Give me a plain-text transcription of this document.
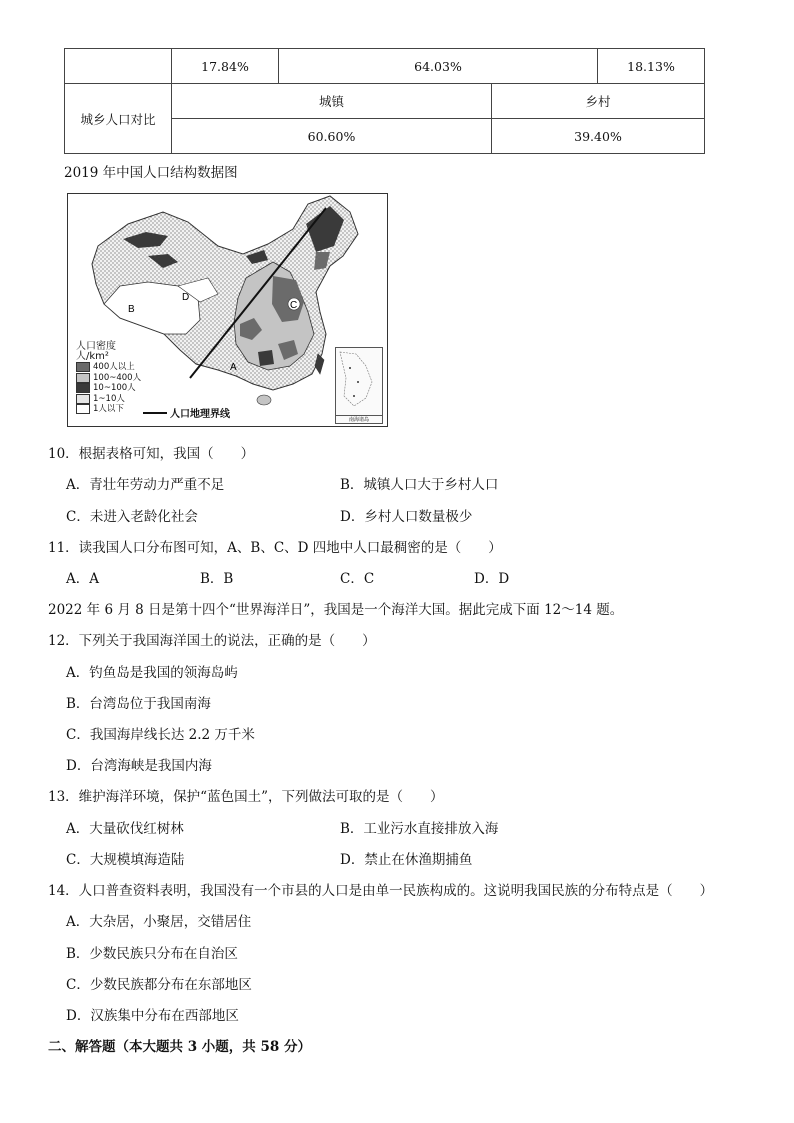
	17.84%	64.03%		18.13%
城乡人口对比	城镇		乡村	
	60.60%		39.40%	
2019 年中国人口结构数据图
D
B	C
A
人口密度
人/km²
400人以上
100~400人
10~100人
1~10人
1人以下	人口地理界线	南海诸岛
10．根据表格可知，我国（　　）
A．青壮年劳动力严重不足	B．城镇人口大于乡村人口
C．未进入老龄化社会	D．乡村人口数量极少
11．读我国人口分布图可知，A、B、C、D 四地中人口最稠密的是（　　）
A．A	B．B	C．C	D．D
2022 年 6 月 8 日是第十四个“世界海洋日”，我国是一个海洋大国。据此完成下面 12～14 题。
12．下列关于我国海洋国土的说法，正确的是（　　）
A．钓鱼岛是我国的领海岛屿
B．台湾岛位于我国南海
C．我国海岸线长达 2.2 万千米
D．台湾海峡是我国内海
13．维护海洋环境，保护“蓝色国土”，下列做法可取的是（　　）
A．大量砍伐红树林	B．工业污水直接排放入海
C．大规模填海造陆	D．禁止在休渔期捕鱼
14．人口普查资料表明，我国没有一个市县的人口是由单一民族构成的。这说明我国民族的分布特点是（　　）
A．大杂居，小聚居，交错居住
B．少数民族只分布在自治区
C．少数民族都分布在东部地区
D．汉族集中分布在西部地区
二、解答题（本大题共 3 小题，共 58 分）
